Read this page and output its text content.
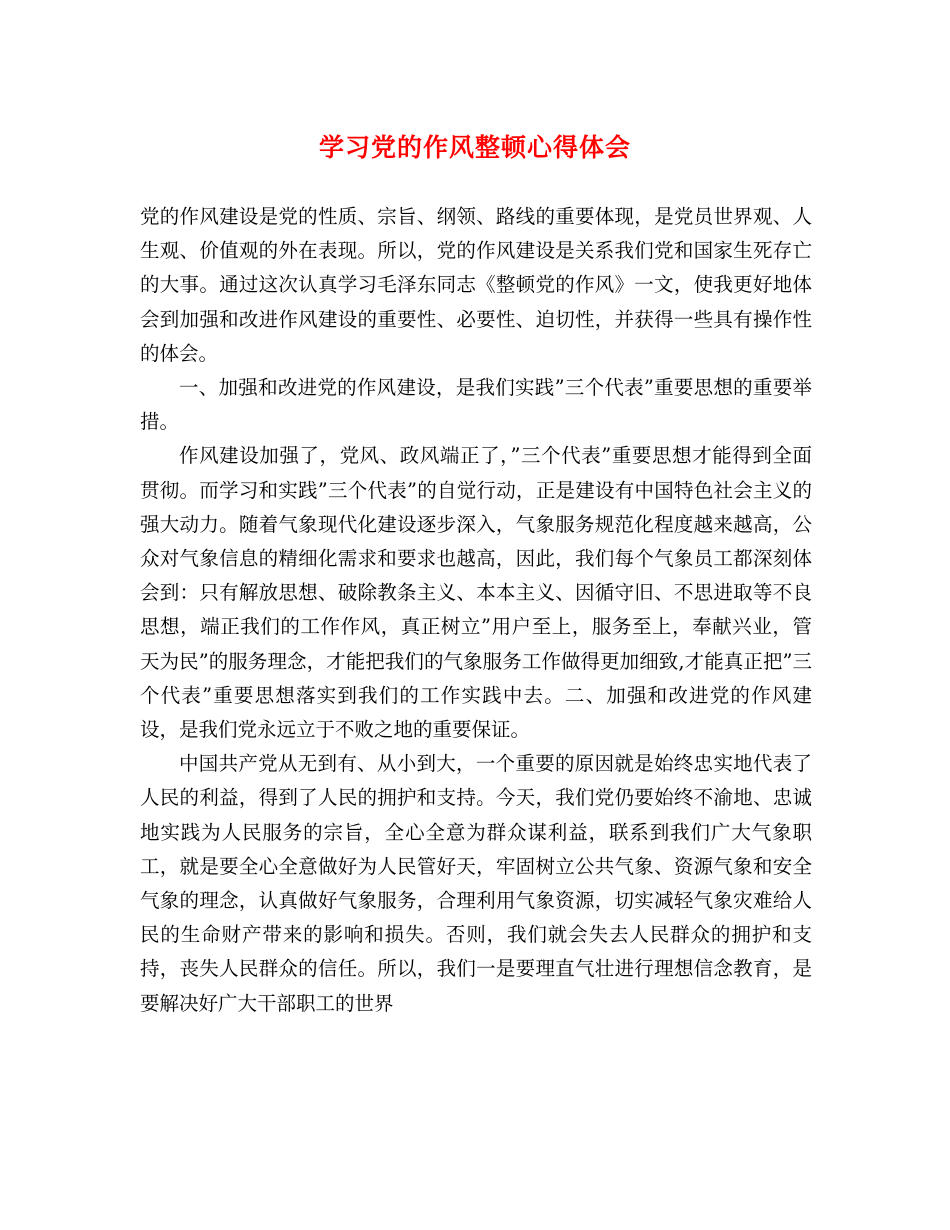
学习党的作风整顿心得体会

党的作风建设是党的性质、宗旨、纲领、路线的重要体现，是党员世界观、人生观、价值观的外在表现。所以，党的作风建设是关系我们党和国家生死存亡的大事。通过这次认真学习毛泽东同志《整顿党的作风》一文，使我更好地体会到加强和改进作风建设的重要性、必要性、迫切性，并获得一些具有操作性的体会。

一、加强和改进党的作风建设，是我们实践”三个代表”重要思想的重要举措。

作风建设加强了，党风、政风端正了，”三个代表”重要思想才能得到全面贯彻。而学习和实践”三个代表”的自觉行动，正是建设有中国特色社会主义的强大动力。随着气象现代化建设逐步深入，气象服务规范化程度越来越高，公众对气象信息的精细化需求和要求也越高，因此，我们每个气象员工都深刻体会到：只有解放思想、破除教条主义、本本主义、因循守旧、不思进取等不良思想，端正我们的工作作风，真正树立”用户至上，服务至上，奉献兴业，管天为民”的服务理念，才能把我们的气象服务工作做得更加细致,才能真正把”三个代表”重要思想落实到我们的工作实践中去。二、加强和改进党的作风建设，是我们党永远立于不败之地的重要保证。

中国共产党从无到有、从小到大，一个重要的原因就是始终忠实地代表了人民的利益，得到了人民的拥护和支持。今天，我们党仍要始终不渝地、忠诚地实践为人民服务的宗旨，全心全意为群众谋利益，联系到我们广大气象职工，就是要全心全意做好为人民管好天，牢固树立公共气象、资源气象和安全气象的理念，认真做好气象服务，合理利用气象资源，切实减轻气象灾难给人民的生命财产带来的影响和损失。否则，我们就会失去人民群众的拥护和支持，丧失人民群众的信任。所以，我们一是要理直气壮进行理想信念教育，是要解决好广大干部职工的世界
